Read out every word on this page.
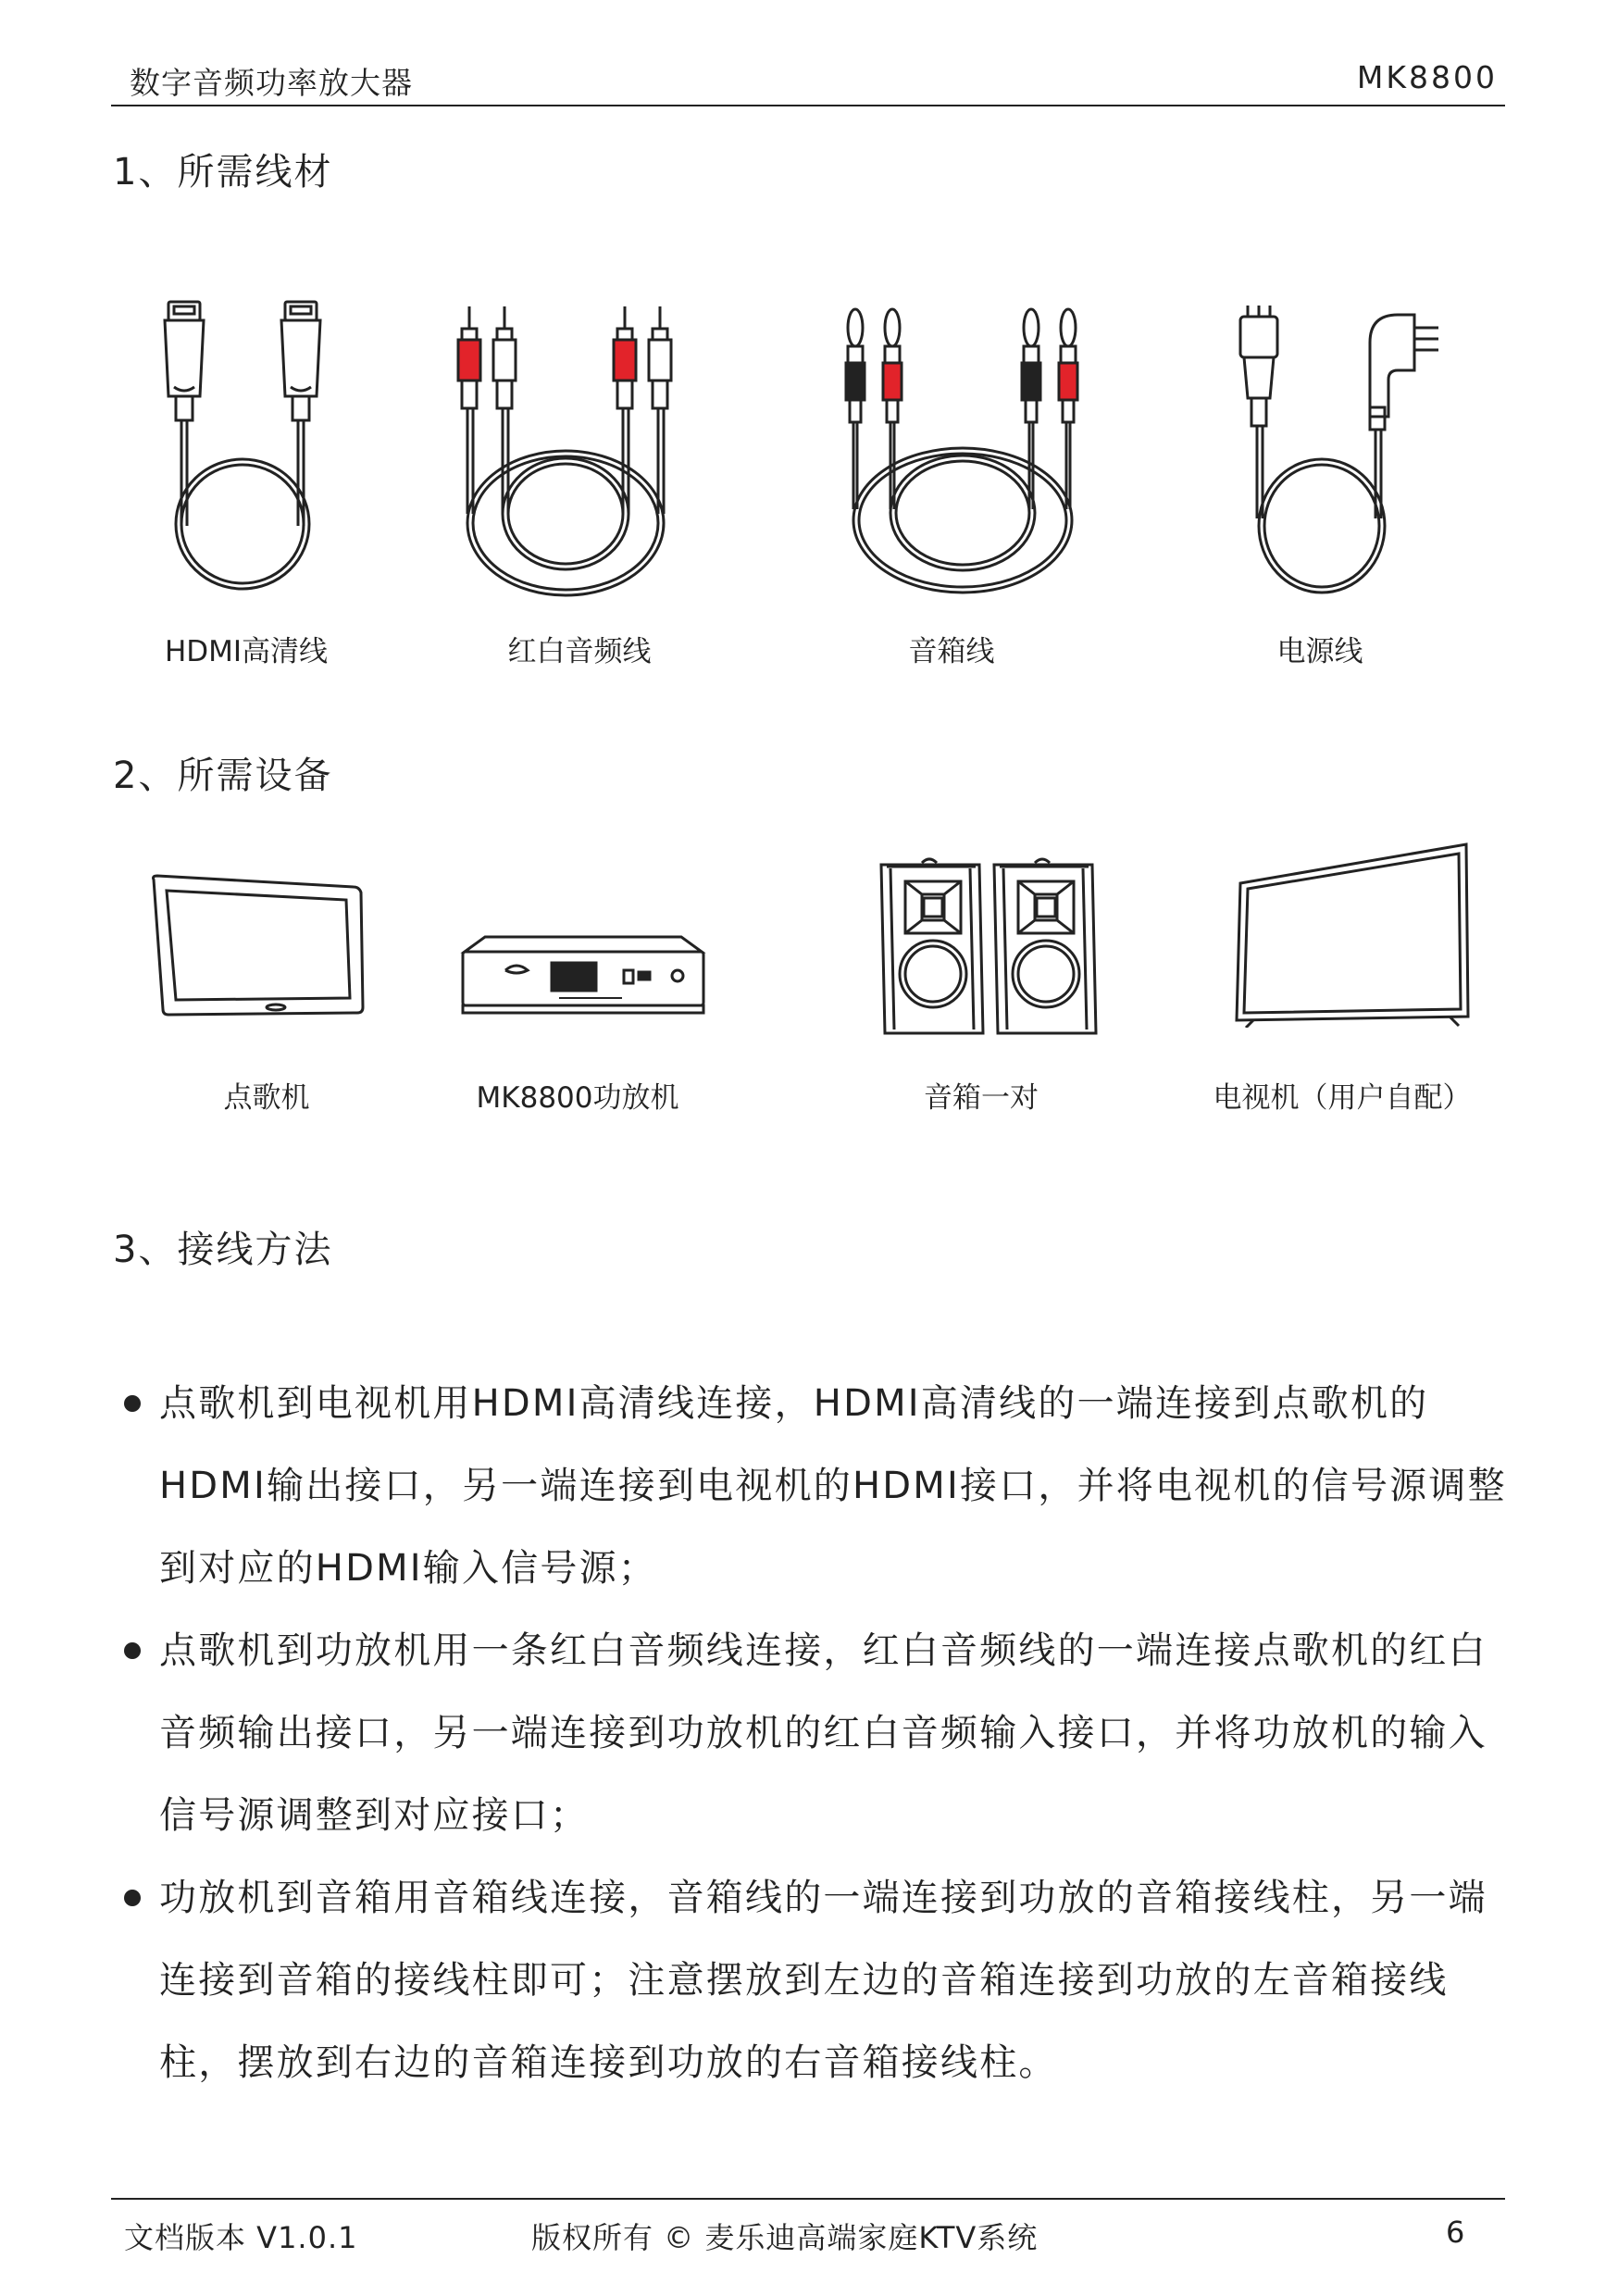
数字音频功率放大器	MK8800
1、所需线材
HDMI高清线	红白音频线	音箱线	电源线
2、所需设备
点歌机	MK8800功放机	音箱一对	电视机（用户自配）
3、接线方法
点歌机到电视机用HDMI高清线连接，HDMI高清线的一端连接到点歌机的HDMI输出接口，另一端连接到电视机的HDMI接口，并将电视机的信号源调整到对应的HDMI输入信号源；
点歌机到功放机用一条红白音频线连接，红白音频线的一端连接点歌机的红白音频输出接口，另一端连接到功放机的红白音频输入接口，并将功放机的输入信号源调整到对应接口；
功放机到音箱用音箱线连接，音箱线的一端连接到功放的音箱接线柱，另一端连接到音箱的接线柱即可；注意摆放到左边的音箱连接到功放的左音箱接线柱，摆放到右边的音箱连接到功放的右音箱接线柱。
文档版本 V1.0.1	版权所有 © 麦乐迪高端家庭KTV系统	6
